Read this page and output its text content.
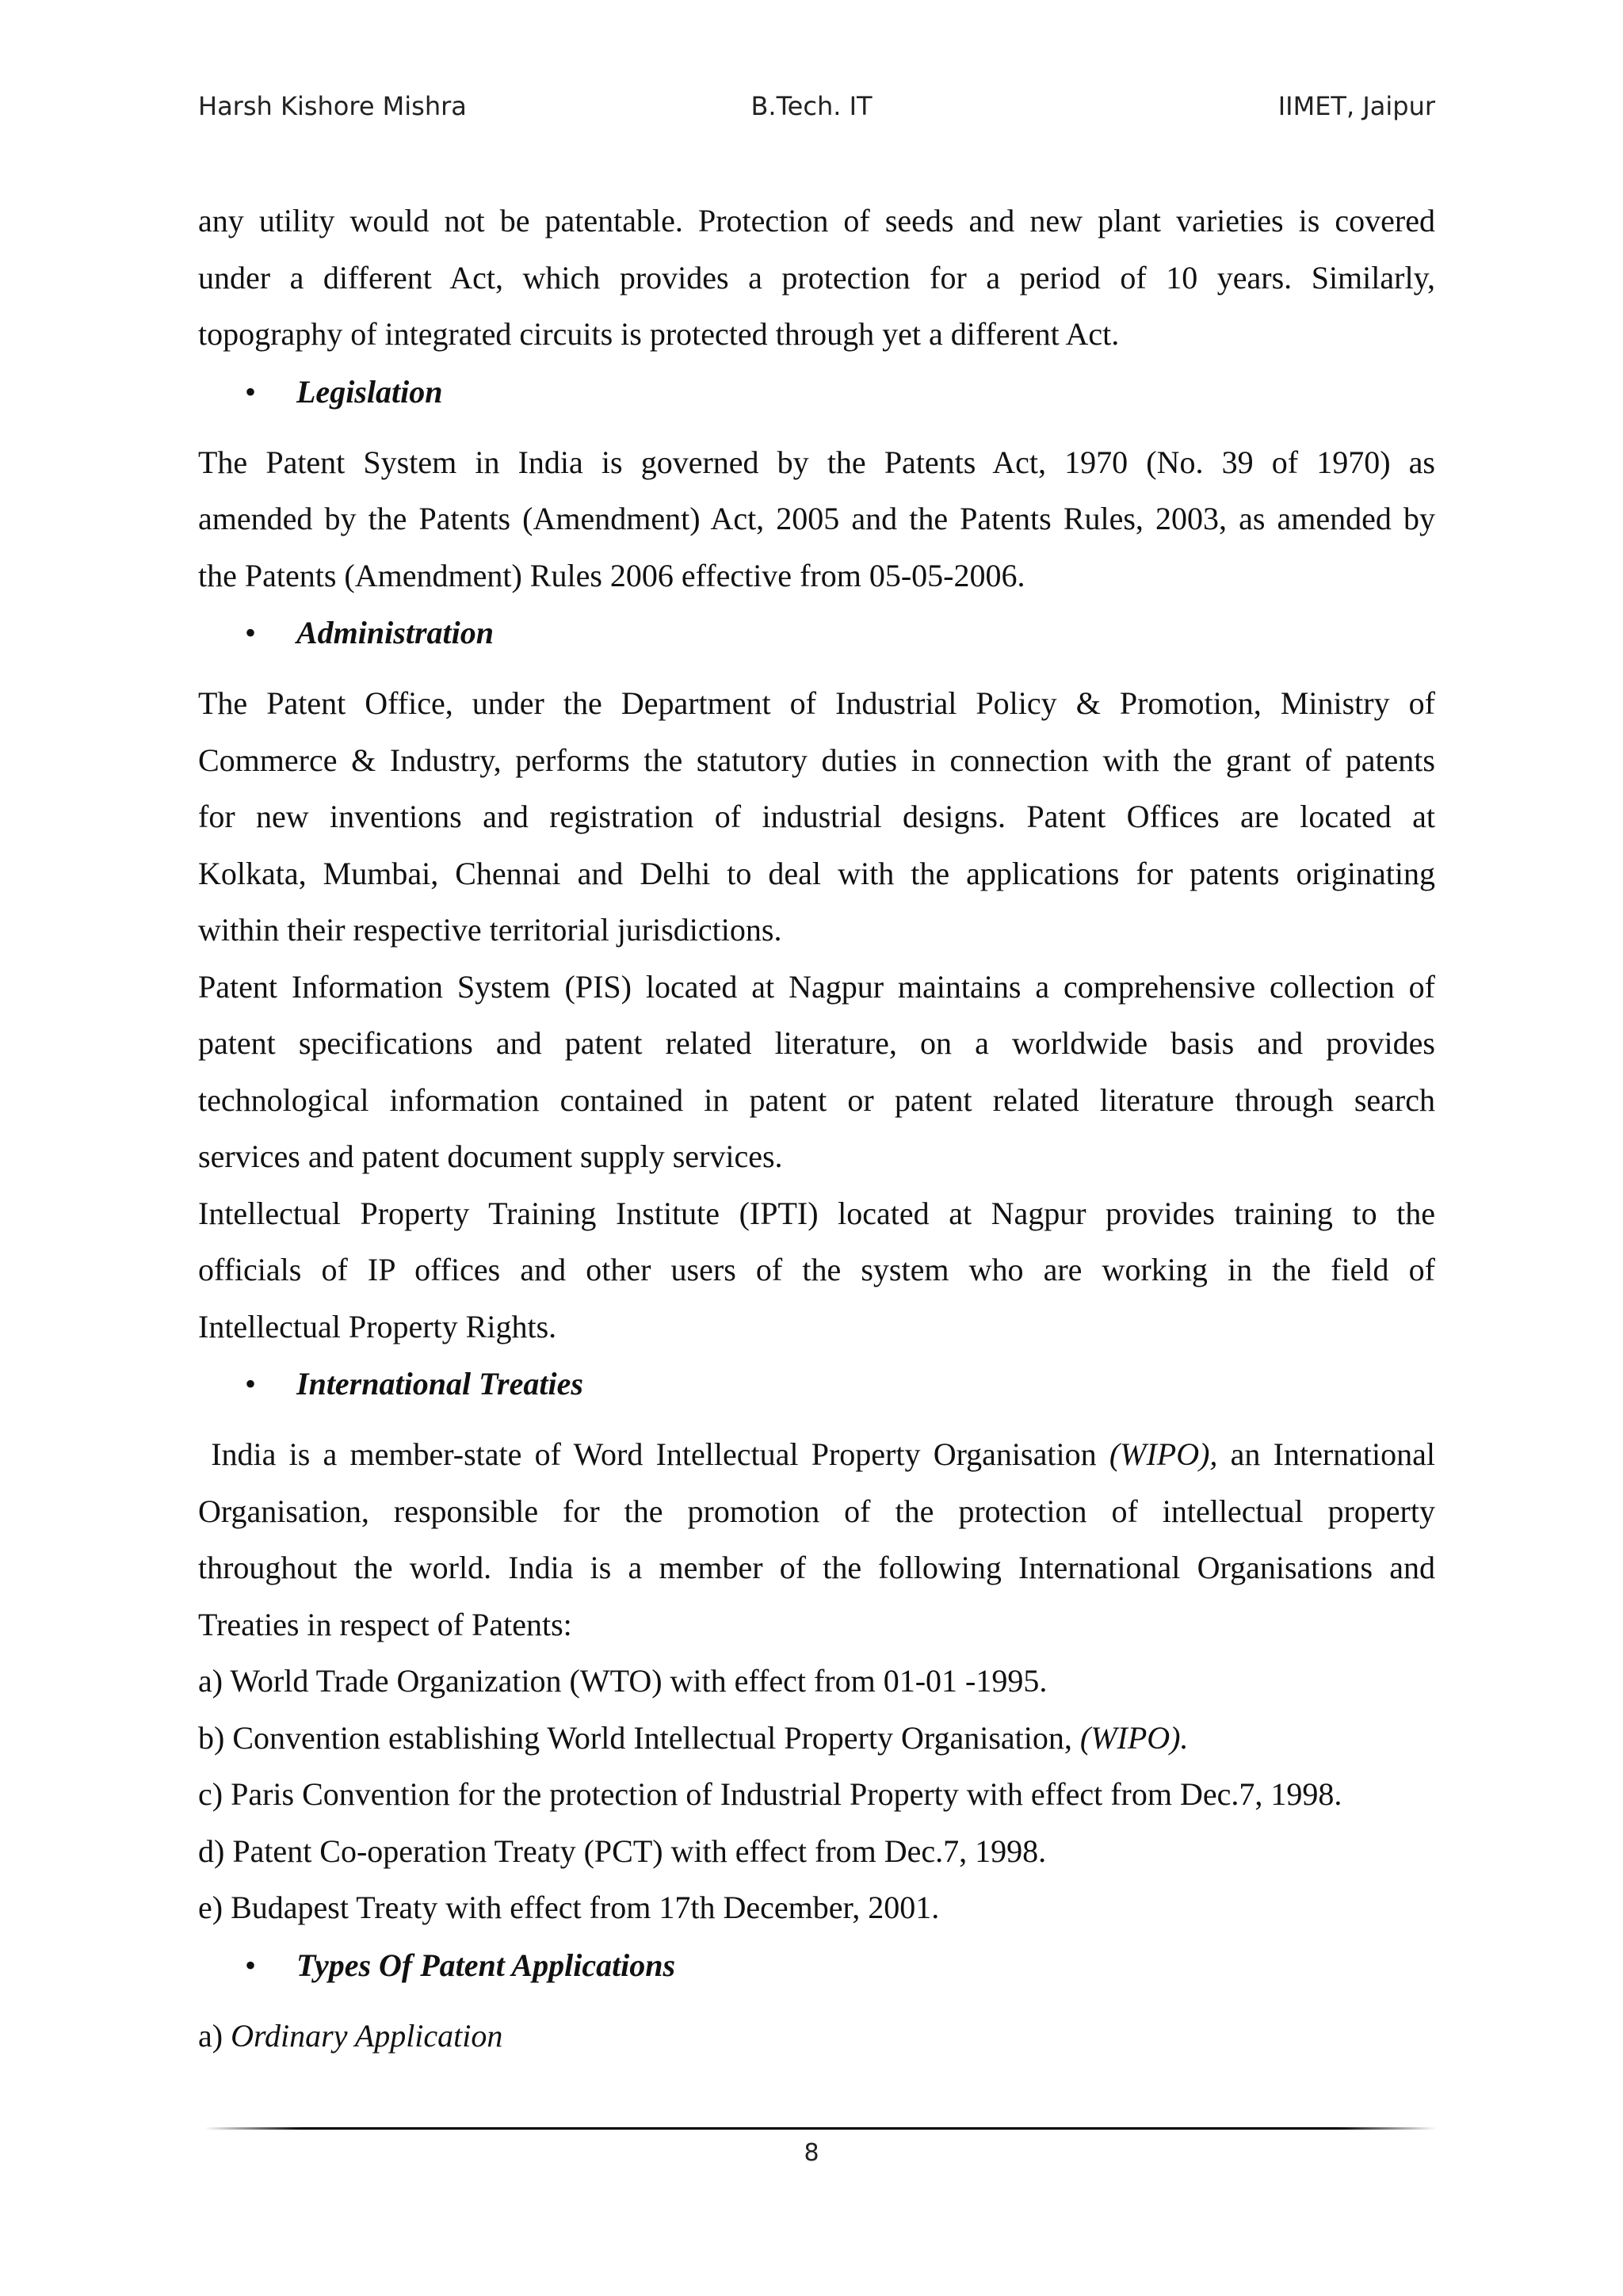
Harsh Kishore Mishra	B.Tech. IT	IIMET, Jaipur

any utility would not be patentable. Protection of seeds and new plant varieties is covered

under a different Act, which provides a protection for a period of 10 years. Similarly,

topography of integrated circuits is protected through yet a different Act.

• Legislation

The Patent System in India is governed by the Patents Act, 1970 (No. 39 of 1970) as

amended by the Patents (Amendment) Act, 2005 and the Patents Rules, 2003, as amended by

the Patents (Amendment) Rules 2006 effective from 05-05-2006.

• Administration

The Patent Office, under the Department of Industrial Policy & Promotion, Ministry of

Commerce & Industry, performs the statutory duties in connection with the grant of patents

for new inventions and registration of industrial designs. Patent Offices are located at

Kolkata, Mumbai, Chennai and Delhi to deal with the applications for patents originating

within their respective territorial jurisdictions.

Patent Information System (PIS) located at Nagpur maintains a comprehensive collection of

patent specifications and patent related literature, on a worldwide basis and provides

technological information contained in patent or patent related literature through search

services and patent document supply services.

Intellectual Property Training Institute (IPTI) located at Nagpur provides training to the

officials of IP offices and other users of the system who are working in the field of

Intellectual Property Rights.

• International Treaties

India is a member-state of Word Intellectual Property Organisation (WIPO), an International

Organisation, responsible for the promotion of the protection of intellectual property

throughout the world. India is a member of the following International Organisations and

Treaties in respect of Patents:

a) World Trade Organization (WTO) with effect from 01-01 -1995.

b) Convention establishing World Intellectual Property Organisation, (WIPO).

c) Paris Convention for the protection of Industrial Property with effect from Dec.7, 1998.

d) Patent Co-operation Treaty (PCT) with effect from Dec.7, 1998.

e) Budapest Treaty with effect from 17th December, 2001.

• Types Of Patent Applications

a) Ordinary Application

8
